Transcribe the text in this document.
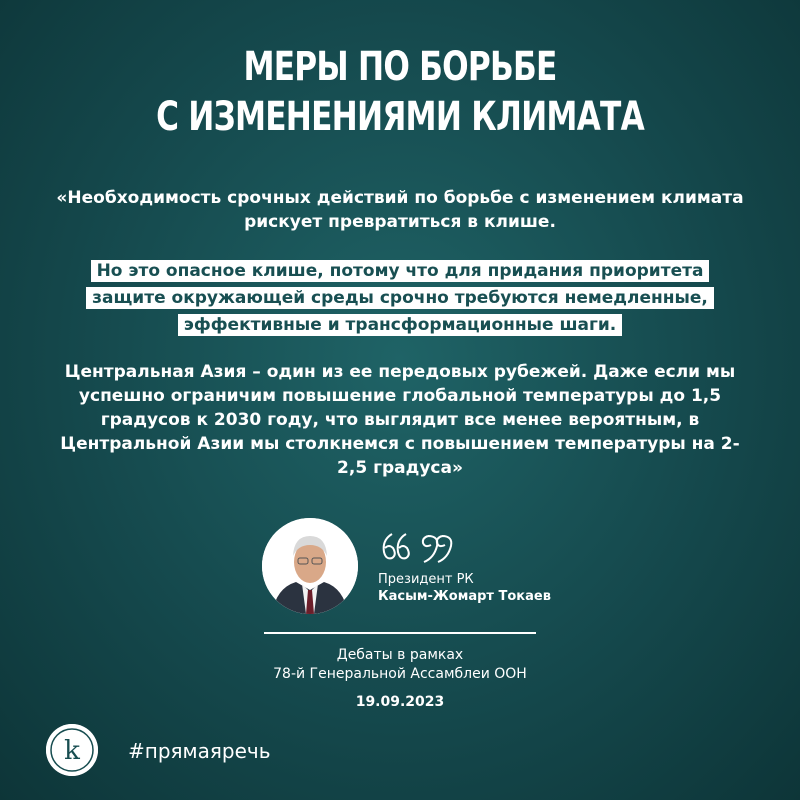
МЕРЫ ПО БОРЬБЕ
С ИЗМЕНЕНИЯМИ КЛИМАТА
«Необходимость срочных действий по борьбе с изменением климата рискует превратиться в клише.
Но это опасное клише, потому что для придания приоритета
защите окружающей среды срочно требуются немедленные,
эффективные и трансформационные шаги.
Центральная Азия – один из ее передовых рубежей. Даже если мы успешно ограничим повышение глобальной температуры до 1,5 градусов к 2030 году, что выглядит все менее вероятным, в Центральной Азии мы столкнемся с повышением температуры на 2-2,5 градуса»
Президент РК
Касым-Жомарт Токаев
Дебаты в рамках
78-й Генеральной Ассамблеи ООН
19.09.2023
k #прямаяречь
